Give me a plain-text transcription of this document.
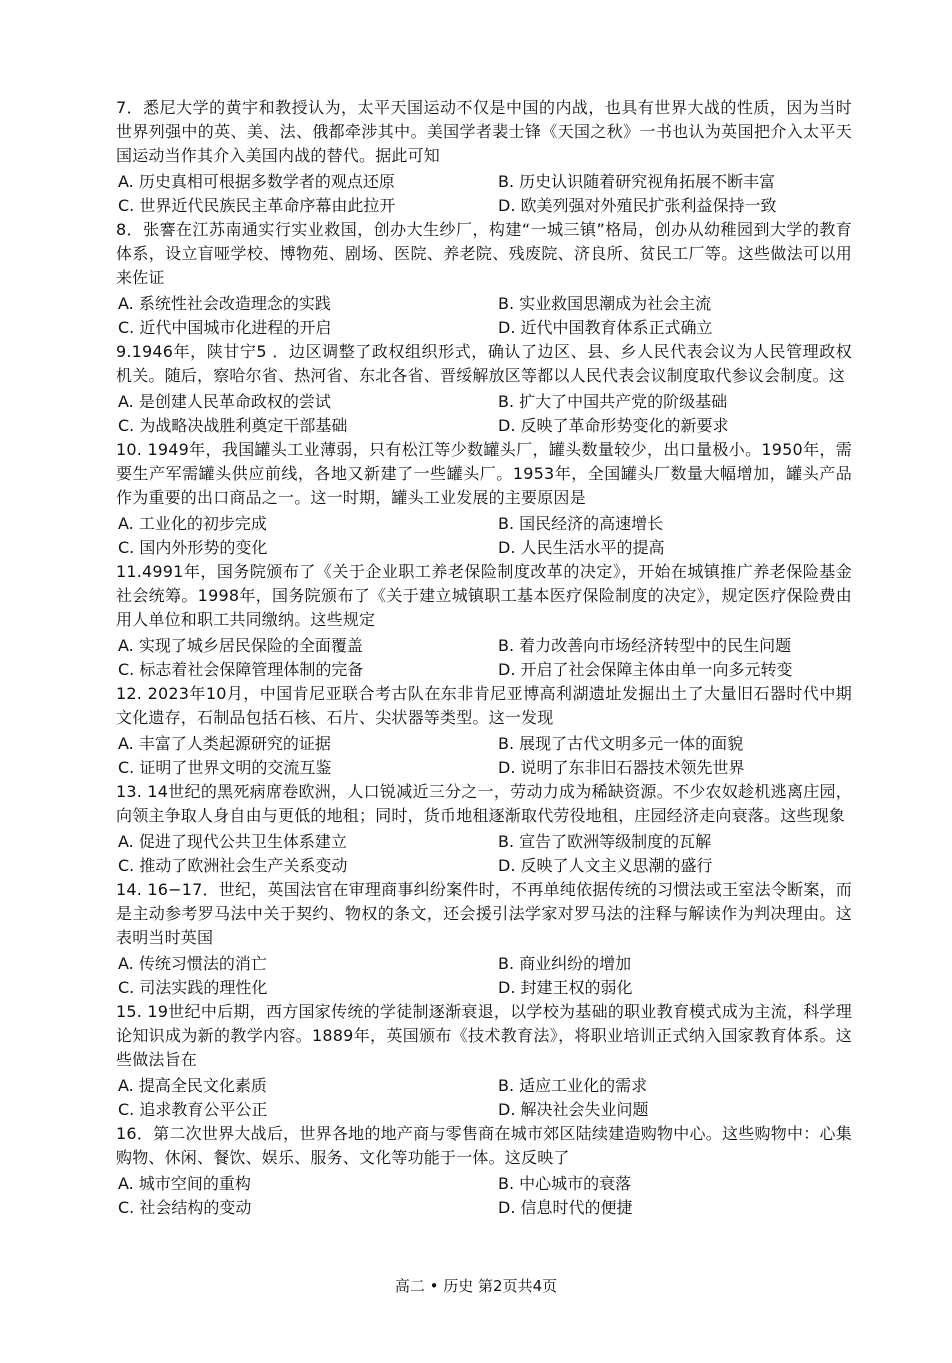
7．悉尼大学的黄宇和教授认为，太平天国运动不仅是中国的内战，也具有世界大战的性质，因为当时世界列强中的英、美、法、俄都牵涉其中。美国学者裴士锋《天国之秋》一书也认为英国把介入太平天国运动当作其介入美国内战的替代。据此可知
A. 历史真相可根据多数学者的观点还原	B. 历史认识随着研究视角拓展不断丰富
C. 世界近代民族民主革命序幕由此拉开	D. 欧美列强对外殖民扩张利益保持一致
8．张謇在江苏南通实行实业救国，创办大生纱厂，构建“一城三镇”格局，创办从幼稚园到大学的教育体系，设立盲哑学校、博物苑、剧场、医院、养老院、残废院、济良所、贫民工厂等。这些做法可以用来佐证
A. 系统性社会改造理念的实践	B. 实业救国思潮成为社会主流
C. 近代中国城市化进程的开启	D. 近代中国教育体系正式确立
9.1946年，陕甘宁5 ．边区调整了政权组织形式，确认了边区、县、乡人民代表会议为人民管理政权机关。随后，察哈尔省、热河省、东北各省、晋绥解放区等都以人民代表会议制度取代参议会制度。这
A. 是创建人民革命政权的尝试	B. 扩大了中国共产党的阶级基础
C. 为战略决战胜利奠定干部基础	D. 反映了革命形势变化的新要求
10. 1949年，我国罐头工业薄弱，只有松江等少数罐头厂，罐头数量较少，出口量极小。1950年，需要生产军需罐头供应前线，各地又新建了一些罐头厂。1953年，全国罐头厂数量大幅增加，罐头产品作为重要的出口商品之一。这一时期，罐头工业发展的主要原因是
A. 工业化的初步完成	B. 国民经济的高速增长
C. 国内外形势的变化	D. 人民生活水平的提高
11.4991年，国务院颁布了《关于企业职工养老保险制度改革的决定》，开始在城镇推广养老保险基金社会统筹。1998年，国务院颁布了《关于建立城镇职工基本医疗保险制度的决定》，规定医疗保险费由用人单位和职工共同缴纳。这些规定
A. 实现了城乡居民保险的全面覆盖	B. 着力改善向市场经济转型中的民生问题
C. 标志着社会保障管理体制的完备	D. 开启了社会保障主体由单一向多元转变
12. 2023年10月，中国肯尼亚联合考古队在东非肯尼亚博高利湖遗址发掘出土了大量旧石器时代中期文化遗存，石制品包括石核、石片、尖状器等类型。这一发现
A. 丰富了人类起源研究的证据	B. 展现了古代文明多元一体的面貌
C. 证明了世界文明的交流互鉴	D. 说明了东非旧石器技术领先世界
13. 14世纪的黑死病席卷欧洲，人口锐减近三分之一，劳动力成为稀缺资源。不少农奴趁机逃离庄园，向领主争取人身自由与更低的地租；同时，货币地租逐渐取代劳役地租，庄园经济走向衰落。这些现象
A. 促进了现代公共卫生体系建立	B. 宣告了欧洲等级制度的瓦解
C. 推动了欧洲社会生产关系变动	D. 反映了人文主义思潮的盛行
14. 16−17．世纪，英国法官在审理商事纠纷案件时，不再单纯依据传统的习惯法或王室法令断案，而是主动参考罗马法中关于契约、物权的条文，还会援引法学家对罗马法的注释与解读作为判决理由。这表明当时英国
A. 传统习惯法的消亡	B. 商业纠纷的增加
C. 司法实践的理性化	D. 封建王权的弱化
15. 19世纪中后期，西方国家传统的学徒制逐渐衰退，以学校为基础的职业教育模式成为主流，科学理论知识成为新的教学内容。1889年，英国颁布《技术教育法》，将职业培训正式纳入国家教育体系。这些做法旨在
A. 提高全民文化素质	B. 适应工业化的需求
C. 追求教育公平公正	D. 解决社会失业问题
16．第二次世界大战后，世界各地的地产商与零售商在城市郊区陆续建造购物中心。这些购物中：心集购物、休闲、餐饮、娱乐、服务、文化等功能于一体。这反映了
A. 城市空间的重构	B. 中心城市的衰落
C. 社会结构的变动	D. 信息时代的便捷
高二 • 历史 第2页共4页
